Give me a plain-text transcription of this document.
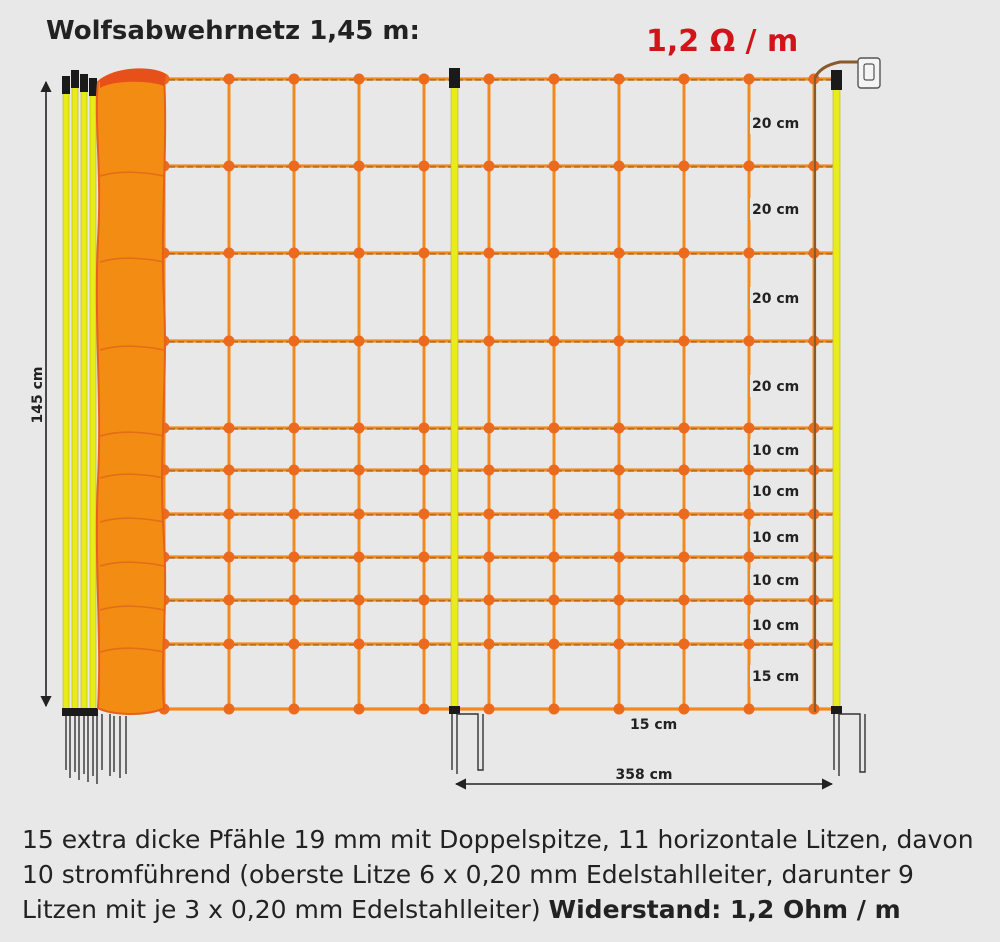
Wolfsabwehrnetz 1,45 m:	1,2 Ω / m
145 cm
20 cm
20 cm
20 cm
20 cm
10 cm
10 cm
10 cm
10 cm
10 cm
15 cm
15 cm
358 cm
15 extra dicke Pfähle 19 mm mit Doppelspitze, 11 horizontale Litzen, davon 10 stromführend (oberste Litze 6 x 0,20 mm Edelstahlleiter, darunter 9 Litzen mit je 3 x 0,20 mm Edelstahlleiter) Widerstand: 1,2 Ohm / m
